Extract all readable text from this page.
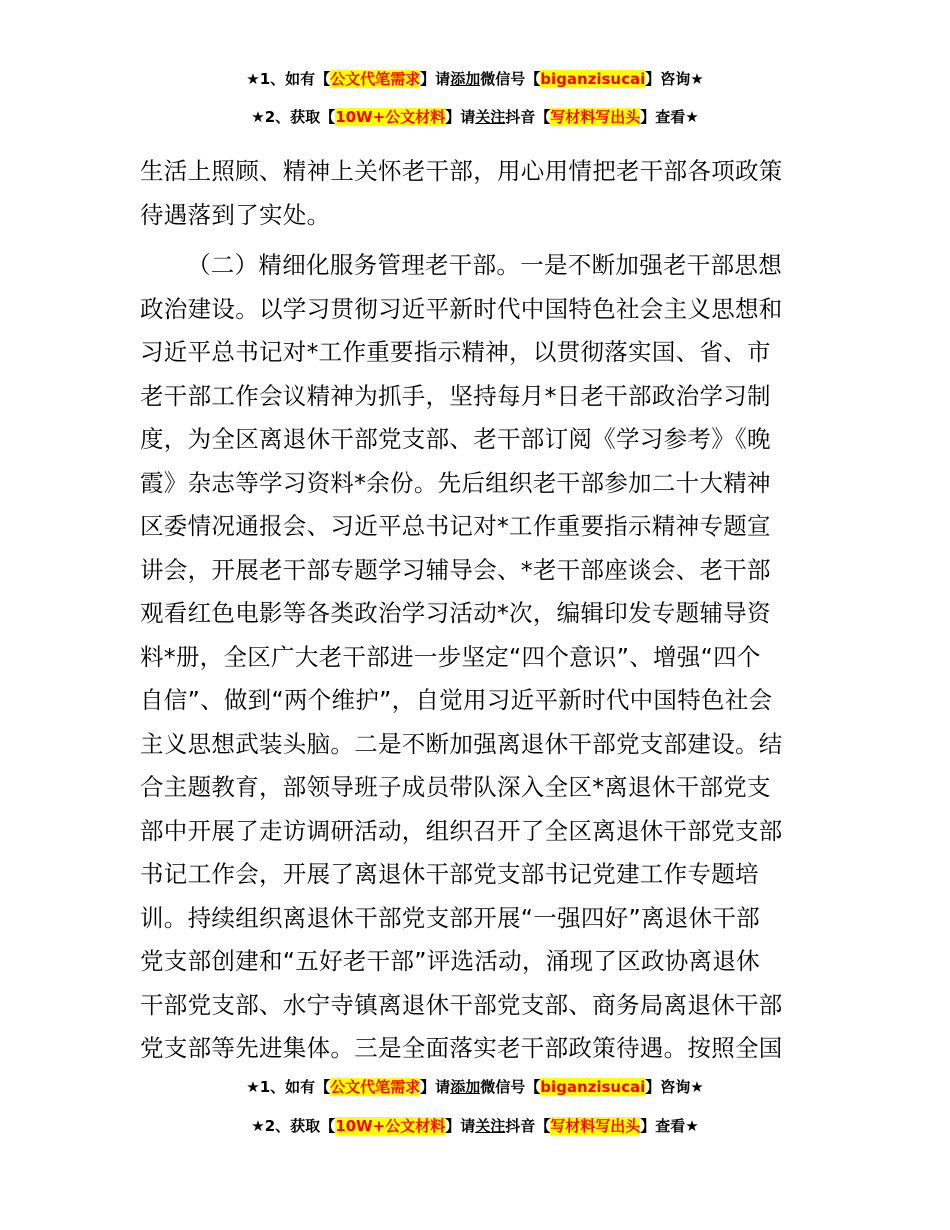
★1、如有【公文代笔需求】请添加微信号【biganzisucai】咨询★
★2、获取【10W+公文材料】请关注抖音【写材料写出头】查看★
生活上照顾、精神上关怀老干部，用心用情把老干部各项政策
待遇落到了实处。
（二）精细化服务管理老干部。一是不断加强老干部思想
政治建设。以学习贯彻习近平新时代中国特色社会主义思想和
习近平总书记对*工作重要指示精神，以贯彻落实国、省、市
老干部工作会议精神为抓手，坚持每月*日老干部政治学习制
度，为全区离退休干部党支部、老干部订阅《学习参考》《晚
霞》杂志等学习资料*余份。先后组织老干部参加二十大精神
区委情况通报会、习近平总书记对*工作重要指示精神专题宣
讲会，开展老干部专题学习辅导会、*老干部座谈会、老干部
观看红色电影等各类政治学习活动*次，编辑印发专题辅导资
料*册，全区广大老干部进一步坚定“四个意识”、增强“四个
自信”、做到“两个维护”，自觉用习近平新时代中国特色社会
主义思想武装头脑。二是不断加强离退休干部党支部建设。结
合主题教育，部领导班子成员带队深入全区*离退休干部党支
部中开展了走访调研活动，组织召开了全区离退休干部党支部
书记工作会，开展了离退休干部党支部书记党建工作专题培
训。持续组织离退休干部党支部开展“一强四好”离退休干部
党支部创建和“五好老干部”评选活动，涌现了区政协离退休
干部党支部、水宁寺镇离退休干部党支部、商务局离退休干部
党支部等先进集体。三是全面落实老干部政策待遇。按照全国
★1、如有【公文代笔需求】请添加微信号【biganzisucai】咨询★
★2、获取【10W+公文材料】请关注抖音【写材料写出头】查看★
